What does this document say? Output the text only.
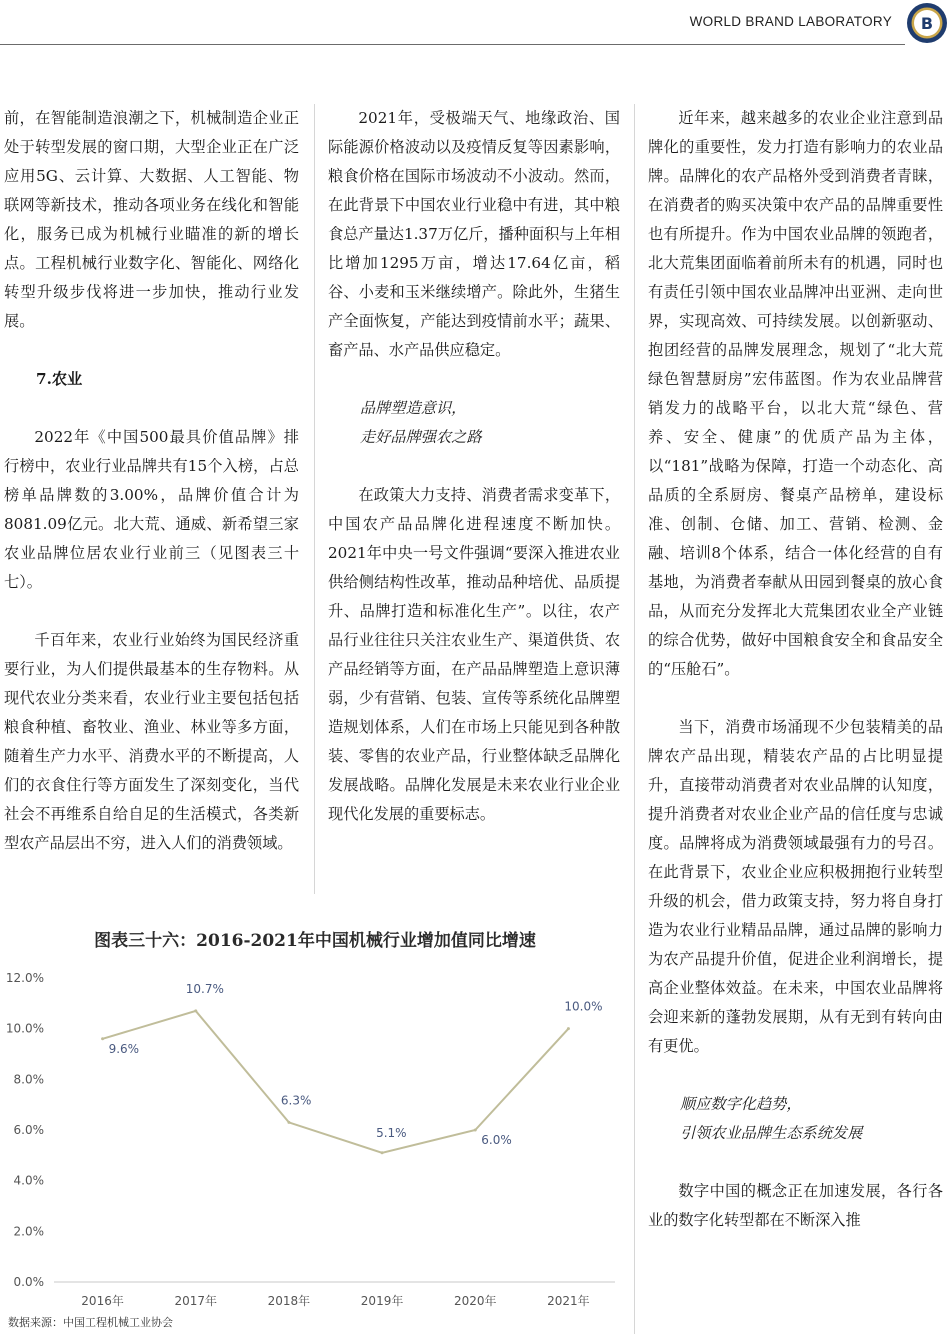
WORLD BRAND LABORATORY B

前，在智能制造浪潮之下，机械制造企业正处于转型发展的窗口期，大型企业正在广泛应用5G、云计算、大数据、人工智能、物联网等新技术，推动各项业务在线化和智能化，服务已成为机械行业瞄准的新的增长点。工程机械行业数字化、智能化、网络化转型升级步伐将进一步加快，推动行业发展。

7.农业

2022年《中国500最具价值品牌》排行榜中，农业行业品牌共有15个入榜，占总榜单品牌数的3.00%，品牌价值合计为8081.09亿元。北大荒、通威、新希望三家农业品牌位居农业行业前三（见图表三十七）。

千百年来，农业行业始终为国民经济重要行业，为人们提供最基本的生存物料。从现代农业分类来看，农业行业主要包括包括粮食种植、畜牧业、渔业、林业等多方面，随着生产力水平、消费水平的不断提高，人们的衣食住行等方面发生了深刻变化，当代社会不再维系自给自足的生活模式，各类新型农产品层出不穷，进入人们的消费领域。

2021年，受极端天气、地缘政治、国际能源价格波动以及疫情反复等因素影响，粮食价格在国际市场波动不小波动。然而，在此背景下中国农业行业稳中有进，其中粮食总产量达1.37万亿斤，播种面积与上年相比增加1295万亩，增达17.64亿亩，稻谷、小麦和玉米继续增产。除此外，生猪生产全面恢复，产能达到疫情前水平；蔬果、畜产品、水产品供应稳定。

品牌塑造意识，

走好品牌强农之路

在政策大力支持、消费者需求变革下，中国农产品品牌化进程速度不断加快。2021年中央一号文件强调“要深入推进农业供给侧结构性改革，推动品种培优、品质提升、品牌打造和标准化生产”。以往，农产品行业往往只关注农业生产、渠道供货、农产品经销等方面，在产品品牌塑造上意识薄弱，少有营销、包装、宣传等系统化品牌塑造规划体系，人们在市场上只能见到各种散装、零售的农业产品，行业整体缺乏品牌化发展战略。品牌化发展是未来农业行业企业现代化发展的重要标志。

近年来，越来越多的农业企业注意到品牌化的重要性，发力打造有影响力的农业品牌。品牌化的农产品格外受到消费者青睐，在消费者的购买决策中农产品的品牌重要性也有所提升。作为中国农业品牌的领跑者，北大荒集团面临着前所未有的机遇，同时也有责任引领中国农业品牌冲出亚洲、走向世界，实现高效、可持续发展。以创新驱动、抱团经营的品牌发展理念，规划了“北大荒绿色智慧厨房”宏伟蓝图。作为农业品牌营销发力的战略平台，以北大荒“绿色、营养、安全、健康”的优质产品为主体，以“181”战略为保障，打造一个动态化、高品质的全系厨房、餐桌产品榜单，建设标准、创制、仓储、加工、营销、检测、金融、培训8个体系，结合一体化经营的自有基地，为消费者奉献从田园到餐桌的放心食品，从而充分发挥北大荒集团农业全产业链的综合优势，做好中国粮食安全和食品安全的“压舱石”。

当下，消费市场涌现不少包装精美的品牌农产品出现，精装农产品的占比明显提升，直接带动消费者对农业品牌的认知度，提升消费者对农业企业产品的信任度与忠诚度。品牌将成为消费领域最强有力的号召。在此背景下，农业企业应积极拥抱行业转型升级的机会，借力政策支持，努力将自身打造为农业行业精品品牌，通过品牌的影响力为农产品提升价值，促进企业利润增长，提高企业整体效益。在未来，中国农业品牌将会迎来新的蓬勃发展期，从有无到有转向由有更优。

顺应数字化趋势，

引领农业品牌生态系统发展

数字中国的概念正在加速发展，各行各业的数字化转型都在不断深入推

图表三十六：2016-2021年中国机械行业增加值同比增速
0.0%
2.0%
4.0%
6.0%
8.0%
10.0%
12.0%
2016年	2017年	2018年	2019年	2020年	2021年
9.6%
10.7%
6.3%
5.1%
6.0%
10.0%
数据来源：中国工程机械工业协会
